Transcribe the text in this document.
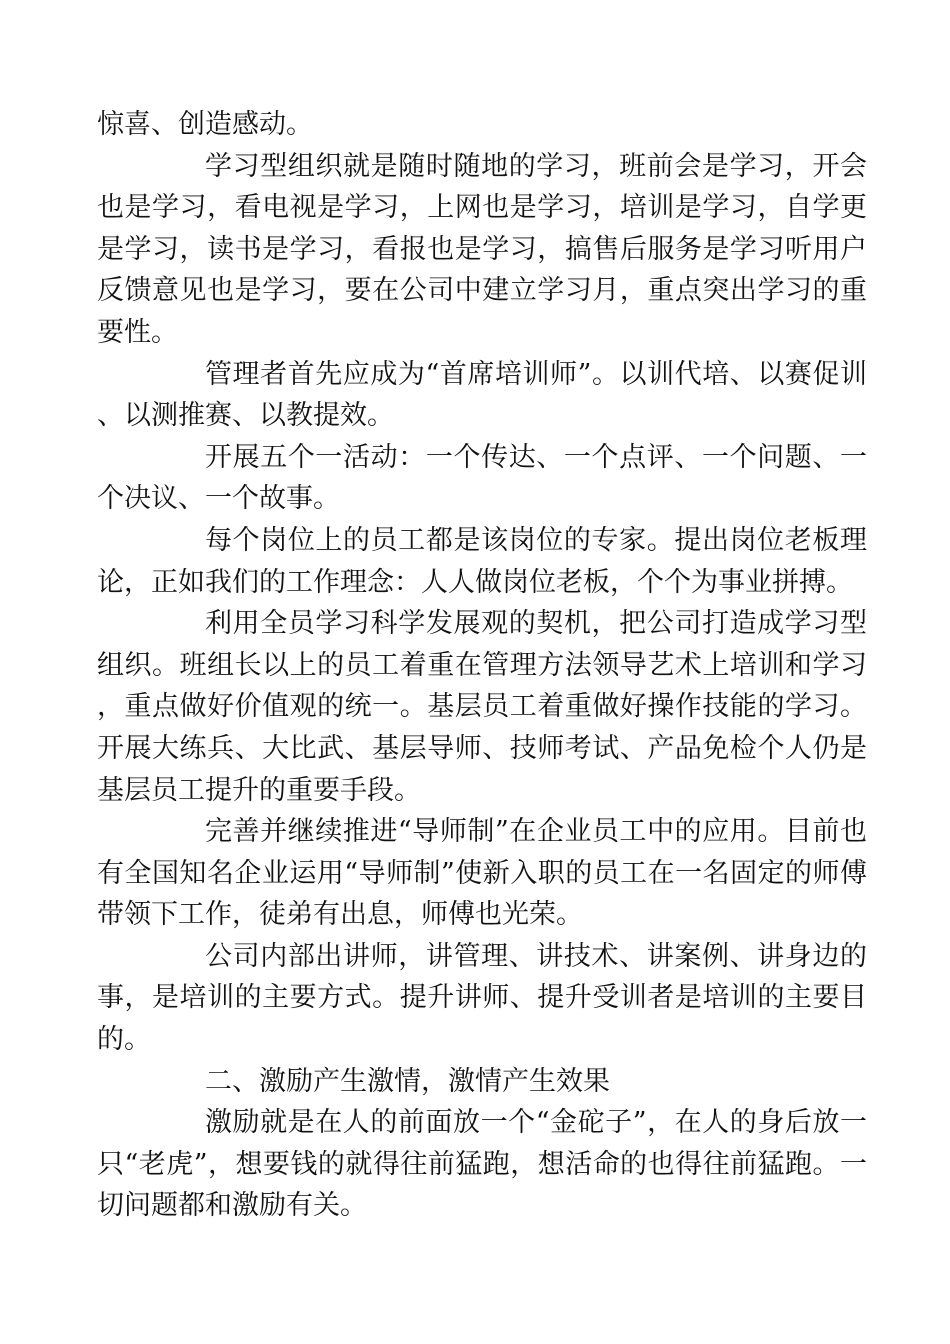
惊喜、创造感动。

学习型组织就是随时随地的学习，班前会是学习，开会也是学习，看电视是学习，上网也是学习，培训是学习，自学更是学习，读书是学习，看报也是学习，搞售后服务是学习听用户反馈意见也是学习，要在公司中建立学习月，重点突出学习的重要性。

管理者首先应成为“首席培训师”。以训代培、以赛促训、以测推赛、以教提效。

开展五个一活动：一个传达、一个点评、一个问题、一个决议、一个故事。

每个岗位上的员工都是该岗位的专家。提出岗位老板理论，正如我们的工作理念：人人做岗位老板，个个为事业拼搏。

利用全员学习科学发展观的契机，把公司打造成学习型组织。班组长以上的员工着重在管理方法领导艺术上培训和学习，重点做好价值观的统一。基层员工着重做好操作技能的学习。开展大练兵、大比武、基层导师、技师考试、产品免检个人仍是基层员工提升的重要手段。

完善并继续推进“导师制”在企业员工中的应用。目前也有全国知名企业运用“导师制”使新入职的员工在一名固定的师傅带领下工作，徒弟有出息，师傅也光荣。

公司内部出讲师，讲管理、讲技术、讲案例、讲身边的事，是培训的主要方式。提升讲师、提升受训者是培训的主要目的。

二、激励产生激情，激情产生效果

激励就是在人的前面放一个“金砣子”，在人的身后放一只“老虎”，想要钱的就得往前猛跑，想活命的也得往前猛跑。一切问题都和激励有关。
